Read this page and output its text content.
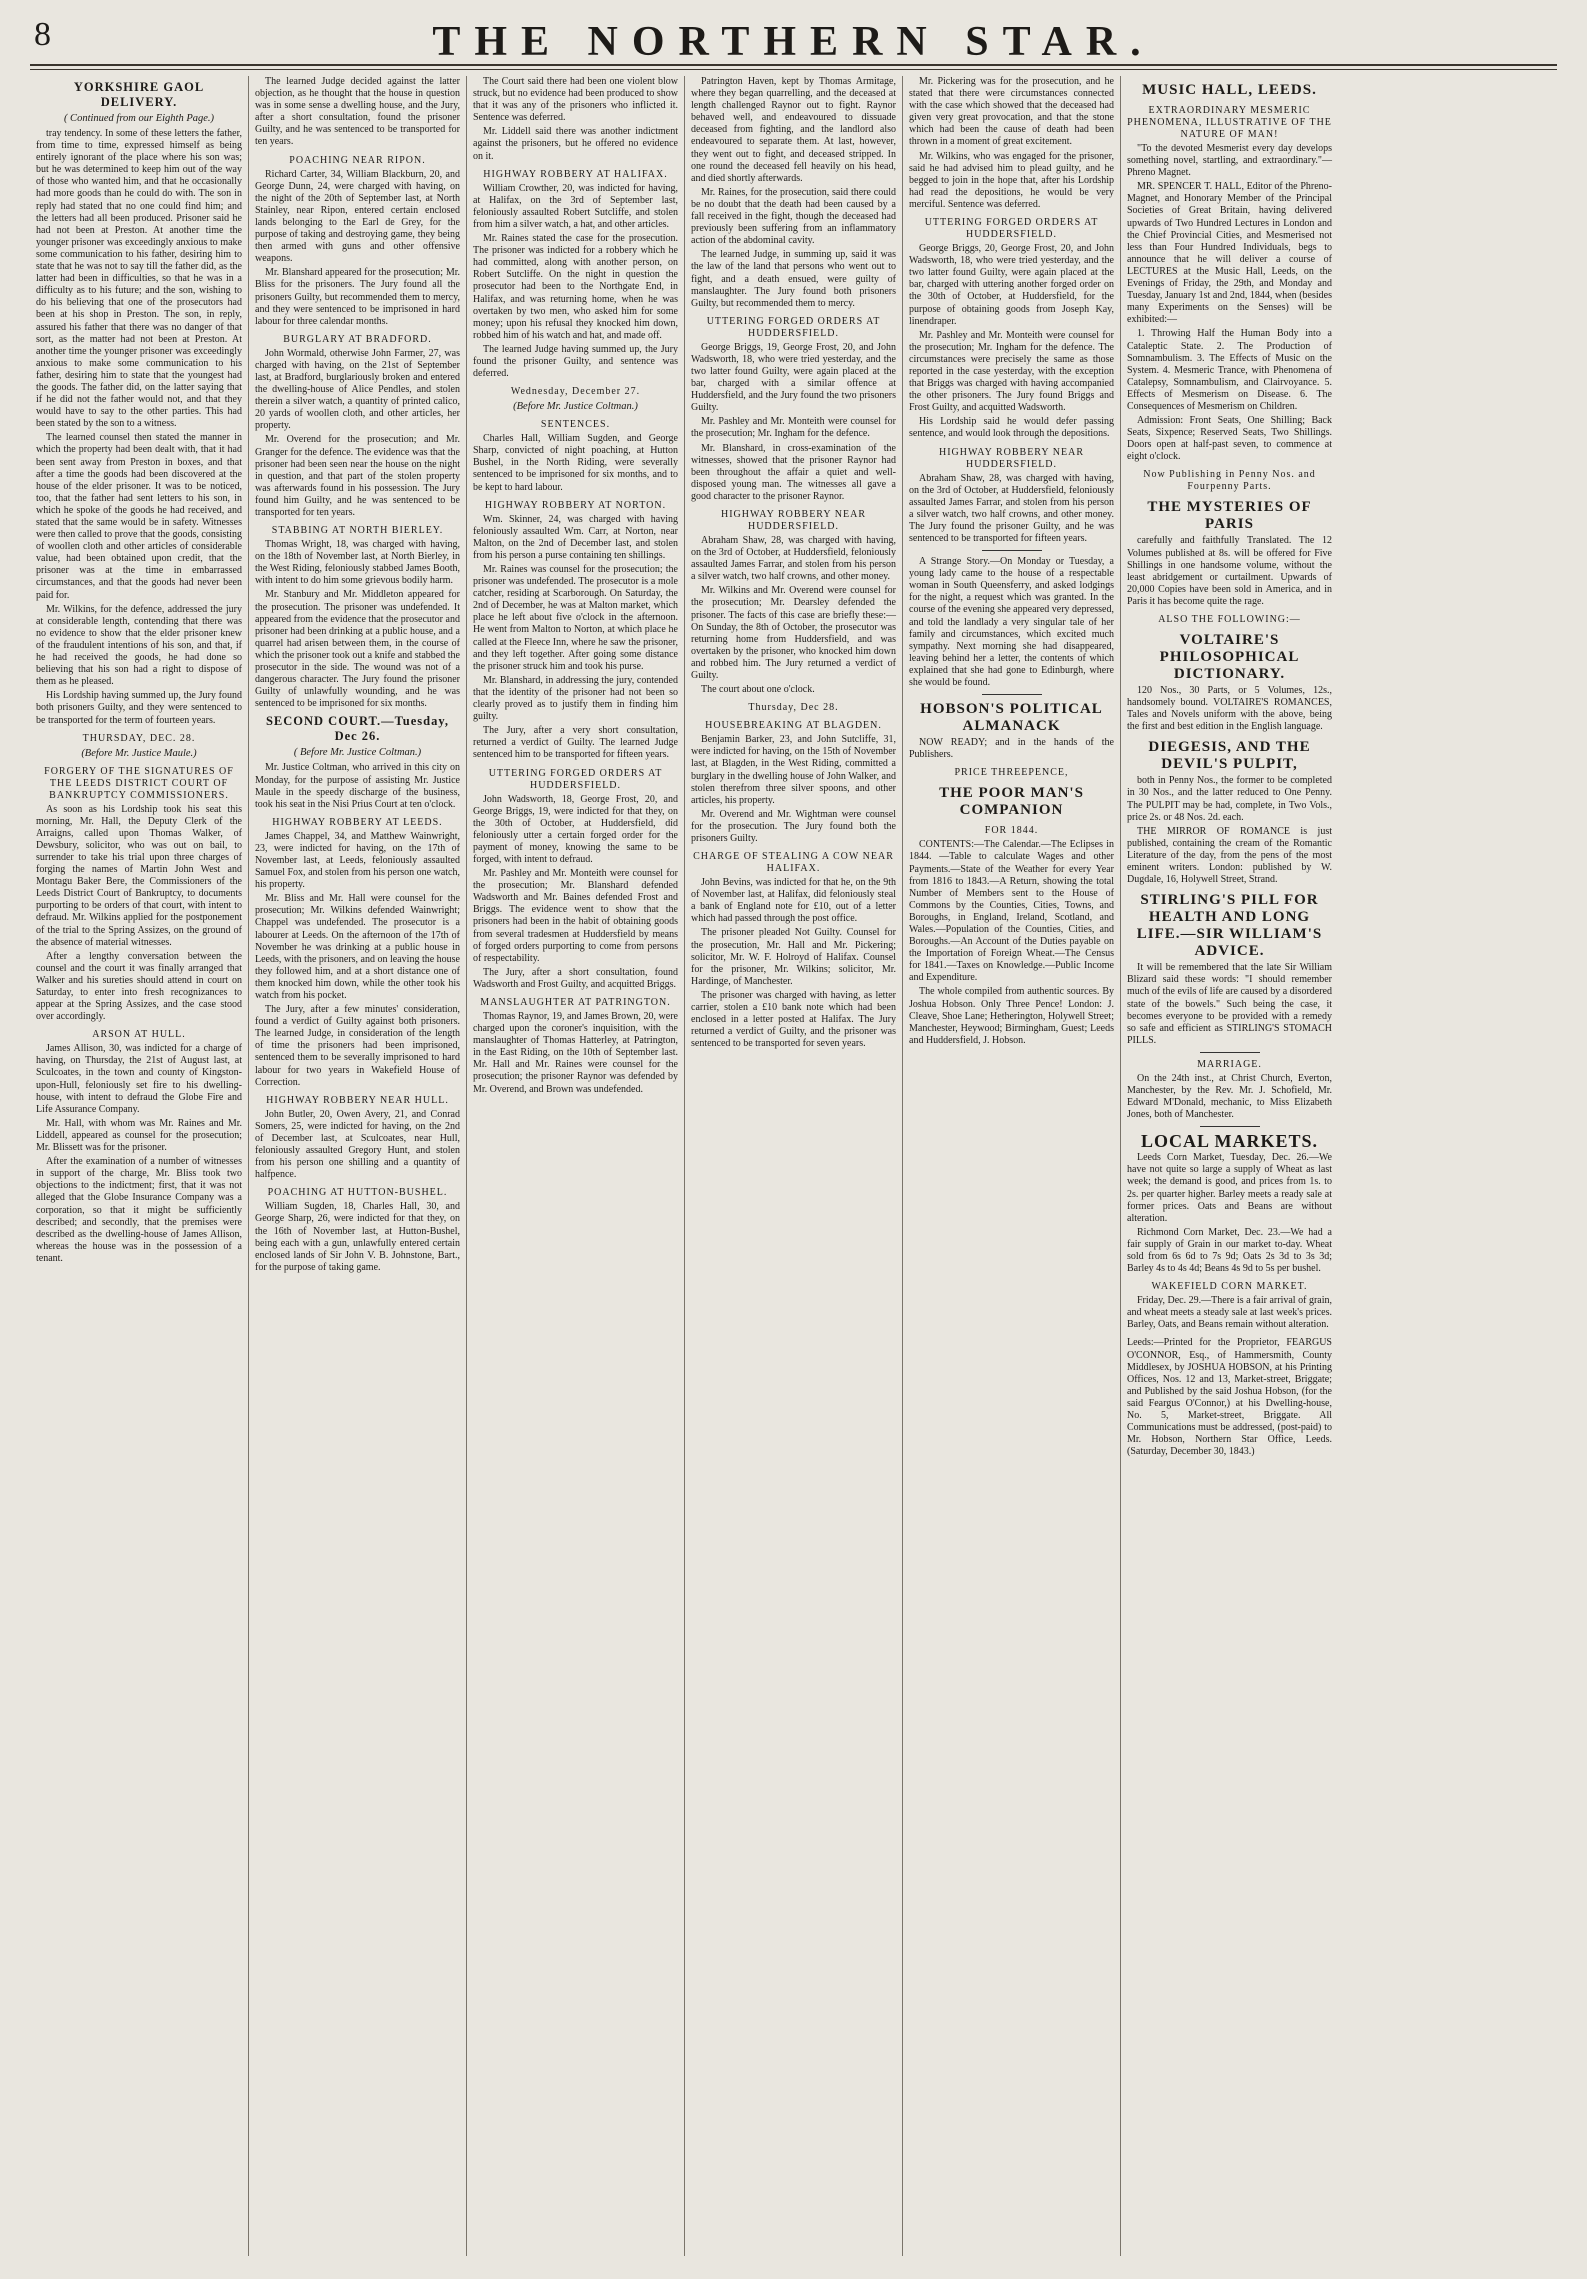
8	THE NORTHERN STAR.
YORKSHIRE GAOL DELIVERY.
( Continued from our Eighth Page.)
tray tendency. In some of these letters the father, from time to time, expressed himself as being entirely ignorant of the place where his son was; but he was determined to keep him out of the way of those who wanted him, and that he occasionally had more goods than he could do with. The son in reply had stated that no one could find him; and the letters had all been produced. Prisoner said he had not been at Preston. At another time the younger prisoner was exceedingly anxious to make some communication to his father, desiring him to state that he was not to say till the father did, as the latter had been in difficulties, so that he was in a difficulty as to his future; and the son, wishing to do his believing that one of the prosecutors had been at his shop in Preston. The son, in reply, assured his father that there was no danger of that sort, as the matter had not been at Preston. At another time the younger prisoner was exceedingly anxious to make some communication to his father, desiring him to state that the youngest had the goods. The father did, on the latter saying that if he did not the father would not, and that they would have to say to the other parties. This had been stated by the son to a witness.
The learned counsel then stated the manner in which the property had been dealt with, that it had been sent away from Preston in boxes, and that after a time the goods had been discovered at the house of the elder prisoner. It was to be noticed, too, that the father had sent letters to his son, in which he spoke of the goods he had received, and stated that the same would be in safety. Witnesses were then called to prove that the goods, consisting of woollen cloth and other articles of considerable value, had been obtained upon credit, that the prisoner was at the time in embarrassed circumstances, and that the goods had never been paid for.
Mr. Wilkins, for the defence, addressed the jury at considerable length, contending that there was no evidence to show that the elder prisoner knew of the fraudulent intentions of his son, and that, if he had received the goods, he had done so believing that his son had a right to dispose of them as he pleased.
His Lordship having summed up, the Jury found both prisoners Guilty, and they were sentenced to be transported for the term of fourteen years.
THURSDAY, DEC. 28.
(Before Mr. Justice Maule.)
FORGERY OF THE SIGNATURES OF THE LEEDS DISTRICT COURT OF BANKRUPTCY COMMISSIONERS.
As soon as his Lordship took his seat this morning, Mr. Hall, the Deputy Clerk of the Arraigns, called upon Thomas Walker, of Dewsbury, solicitor, who was out on bail, to surrender to take his trial upon three charges of forging the names of Martin John West and Montagu Baker Bere, the Commissioners of the Leeds District Court of Bankruptcy, to documents purporting to be orders of that court, with intent to defraud. Mr. Wilkins applied for the postponement of the trial to the Spring Assizes, on the ground of the absence of material witnesses.
After a lengthy conversation between the counsel and the court it was finally arranged that Walker and his sureties should attend in court on Saturday, to enter into fresh recognizances to appear at the Spring Assizes, and the case stood over accordingly.
ARSON AT HULL.
James Allison, 30, was indicted for a charge of having, on Thursday, the 21st of August last, at Sculcoates, in the town and county of Kingston-upon-Hull, feloniously set fire to his dwelling-house, with intent to defraud the Globe Fire and Life Assurance Company.
Mr. Hall, with whom was Mr. Raines and Mr. Liddell, appeared as counsel for the prosecution; Mr. Blissett was for the prisoner.
After the examination of a number of witnesses in support of the charge, Mr. Bliss took two objections to the indictment; first, that it was not alleged that the Globe Insurance Company was a corporation, so that it might be sufficiently described; and secondly, that the premises were described as the dwelling-house of James Allison, whereas the house was in the possession of a tenant.
The learned Judge decided against the latter objection, as he thought that the house in question was in some sense a dwelling house, and the Jury, after a short consultation, found the prisoner Guilty, and he was sentenced to be transported for ten years.
POACHING NEAR RIPON.
Richard Carter, 34, William Blackburn, 20, and George Dunn, 24, were charged with having, on the night of the 20th of September last, at North Stainley, near Ripon, entered certain enclosed lands belonging to the Earl de Grey, for the purpose of taking and destroying game, they being then armed with guns and other offensive weapons.
Mr. Blanshard appeared for the prosecution; Mr. Bliss for the prisoners. The Jury found all the prisoners Guilty, but recommended them to mercy, and they were sentenced to be imprisoned in hard labour for three calendar months.
BURGLARY AT BRADFORD.
John Wormald, otherwise John Farmer, 27, was charged with having, on the 21st of September last, at Bradford, burglariously broken and entered the dwelling-house of Alice Pendles, and stolen therein a silver watch, a quantity of printed calico, 20 yards of woollen cloth, and other articles, her property.
Mr. Overend for the prosecution; and Mr. Granger for the defence. The evidence was that the prisoner had been seen near the house on the night in question, and that part of the stolen property was afterwards found in his possession. The Jury found him Guilty, and he was sentenced to be transported for ten years.
STABBING AT NORTH BIERLEY.
Thomas Wright, 18, was charged with having, on the 18th of November last, at North Bierley, in the West Riding, feloniously stabbed James Booth, with intent to do him some grievous bodily harm.
Mr. Stanbury and Mr. Middleton appeared for the prosecution. The prisoner was undefended. It appeared from the evidence that the prosecutor and prisoner had been drinking at a public house, and a quarrel had arisen between them, in the course of which the prisoner took out a knife and stabbed the prosecutor in the side. The wound was not of a dangerous character. The Jury found the prisoner Guilty of unlawfully wounding, and he was sentenced to be imprisoned for six months.
SECOND COURT.—Tuesday, Dec 26.
( Before Mr. Justice Coltman.)
Mr. Justice Coltman, who arrived in this city on Monday, for the purpose of assisting Mr. Justice Maule in the speedy discharge of the business, took his seat in the Nisi Prius Court at ten o'clock.
HIGHWAY ROBBERY AT LEEDS.
James Chappel, 34, and Matthew Wainwright, 23, were indicted for having, on the 17th of November last, at Leeds, feloniously assaulted Samuel Fox, and stolen from his person one watch, his property.
Mr. Bliss and Mr. Hall were counsel for the prosecution; Mr. Wilkins defended Wainwright; Chappel was undefended. The prosecutor is a labourer at Leeds. On the afternoon of the 17th of November he was drinking at a public house in Leeds, with the prisoners, and on leaving the house they followed him, and at a short distance one of them knocked him down, while the other took his watch from his pocket.
The Jury, after a few minutes' consideration, found a verdict of Guilty against both prisoners. The learned Judge, in consideration of the length of time the prisoners had been imprisoned, sentenced them to be severally imprisoned to hard labour for two years in Wakefield House of Correction.
HIGHWAY ROBBERY NEAR HULL.
John Butler, 20, Owen Avery, 21, and Conrad Somers, 25, were indicted for having, on the 2nd of December last, at Sculcoates, near Hull, feloniously assaulted Gregory Hunt, and stolen from his person one shilling and a quantity of halfpence.
POACHING AT HUTTON-BUSHEL.
William Sugden, 18, Charles Hall, 30, and George Sharp, 26, were indicted for that they, on the 16th of November last, at Hutton-Bushel, being each with a gun, unlawfully entered certain enclosed lands of Sir John V. B. Johnstone, Bart., for the purpose of taking game.
The Court said there had been one violent blow struck, but no evidence had been produced to show that it was any of the prisoners who inflicted it. Sentence was deferred.
Mr. Liddell said there was another indictment against the prisoners, but he offered no evidence on it.
HIGHWAY ROBBERY AT HALIFAX.
William Crowther, 20, was indicted for having, at Halifax, on the 3rd of September last, feloniously assaulted Robert Sutcliffe, and stolen from him a silver watch, a hat, and other articles.
Mr. Raines stated the case for the prosecution. The prisoner was indicted for a robbery which he had committed, along with another person, on Robert Sutcliffe. On the night in question the prosecutor had been to the Northgate End, in Halifax, and was returning home, when he was overtaken by two men, who asked him for some money; upon his refusal they knocked him down, robbed him of his watch and hat, and made off.
The learned Judge having summed up, the Jury found the prisoner Guilty, and sentence was deferred.
Wednesday, December 27.
(Before Mr. Justice Coltman.)
SENTENCES.
Charles Hall, William Sugden, and George Sharp, convicted of night poaching, at Hutton Bushel, in the North Riding, were severally sentenced to be imprisoned for six months, and to be kept to hard labour.
HIGHWAY ROBBERY AT NORTON.
Wm. Skinner, 24, was charged with having feloniously assaulted Wm. Carr, at Norton, near Malton, on the 2nd of December last, and stolen from his person a purse containing ten shillings.
Mr. Raines was counsel for the prosecution; the prisoner was undefended. The prosecutor is a mole catcher, residing at Scarborough. On Saturday, the 2nd of December, he was at Malton market, which place he left about five o'clock in the afternoon. He went from Malton to Norton, at which place he called at the Fleece Inn, where he saw the prisoner, and they left together. After going some distance the prisoner struck him and took his purse.
Mr. Blanshard, in addressing the jury, contended that the identity of the prisoner had not been so clearly proved as to justify them in finding him guilty.
The Jury, after a very short consultation, returned a verdict of Guilty. The learned Judge sentenced him to be transported for fifteen years.
UTTERING FORGED ORDERS AT HUDDERSFIELD.
John Wadsworth, 18, George Frost, 20, and George Briggs, 19, were indicted for that they, on the 30th of October, at Huddersfield, did feloniously utter a certain forged order for the payment of money, knowing the same to be forged, with intent to defraud.
Mr. Pashley and Mr. Monteith were counsel for the prosecution; Mr. Blanshard defended Wadsworth and Mr. Baines defended Frost and Briggs. The evidence went to show that the prisoners had been in the habit of obtaining goods from several tradesmen at Huddersfield by means of forged orders purporting to come from persons of respectability.
The Jury, after a short consultation, found Wadsworth and Frost Guilty, and acquitted Briggs.
MANSLAUGHTER AT PATRINGTON.
Thomas Raynor, 19, and James Brown, 20, were charged upon the coroner's inquisition, with the manslaughter of Thomas Hatterley, at Patrington, in the East Riding, on the 10th of September last. Mr. Hall and Mr. Raines were counsel for the prosecution; the prisoner Raynor was defended by Mr. Overend, and Brown was undefended.
Patrington Haven, kept by Thomas Armitage, where they began quarrelling, and the deceased at length challenged Raynor out to fight. Raynor behaved well, and endeavoured to dissuade deceased from fighting, and the landlord also endeavoured to separate them. At last, however, they went out to fight, and deceased stripped. In one round the deceased fell heavily on his head, and died shortly afterwards.
Mr. Raines, for the prosecution, said there could be no doubt that the death had been caused by a fall received in the fight, though the deceased had previously been suffering from an inflammatory action of the abdominal cavity.
The learned Judge, in summing up, said it was the law of the land that persons who went out to fight, and a death ensued, were guilty of manslaughter. The Jury found both prisoners Guilty, but recommended them to mercy.
UTTERING FORGED ORDERS AT HUDDERSFIELD.
George Briggs, 19, George Frost, 20, and John Wadsworth, 18, who were tried yesterday, and the two latter found Guilty, were again placed at the bar, charged with a similar offence at Huddersfield, and the Jury found the two prisoners Guilty.
Mr. Pashley and Mr. Monteith were counsel for the prosecution; Mr. Ingham for the defence.
Mr. Blanshard, in cross-examination of the witnesses, showed that the prisoner Raynor had been throughout the affair a quiet and well-disposed young man. The witnesses all gave a good character to the prisoner Raynor.
HIGHWAY ROBBERY NEAR HUDDERSFIELD.
Abraham Shaw, 28, was charged with having, on the 3rd of October, at Huddersfield, feloniously assaulted James Farrar, and stolen from his person a silver watch, two half crowns, and other money.
Mr. Wilkins and Mr. Overend were counsel for the prosecution; Mr. Dearsley defended the prisoner. The facts of this case are briefly these:—On Sunday, the 8th of October, the prosecutor was returning home from Huddersfield, and was overtaken by the prisoner, who knocked him down and robbed him. The Jury returned a verdict of Guilty.
The court about one o'clock.
Thursday, Dec 28.
HOUSEBREAKING AT BLAGDEN.
Benjamin Barker, 23, and John Sutcliffe, 31, were indicted for having, on the 15th of November last, at Blagden, in the West Riding, committed a burglary in the dwelling house of John Walker, and stolen therefrom three silver spoons, and other articles, his property.
Mr. Overend and Mr. Wightman were counsel for the prosecution. The Jury found both the prisoners Guilty.
CHARGE OF STEALING A COW NEAR HALIFAX.
John Bevins, was indicted for that he, on the 9th of November last, at Halifax, did feloniously steal a bank of England note for £10, out of a letter which had passed through the post office.
The prisoner pleaded Not Guilty. Counsel for the prosecution, Mr. Hall and Mr. Pickering; solicitor, Mr. W. F. Holroyd of Halifax. Counsel for the prisoner, Mr. Wilkins; solicitor, Mr. Hardinge, of Manchester.
The prisoner was charged with having, as letter carrier, stolen a £10 bank note which had been enclosed in a letter posted at Halifax. The Jury returned a verdict of Guilty, and the prisoner was sentenced to be transported for seven years.
Mr. Pickering was for the prosecution, and he stated that there were circumstances connected with the case which showed that the deceased had given very great provocation, and that the stone which had been the cause of death had been thrown in a moment of great excitement.
Mr. Wilkins, who was engaged for the prisoner, said he had advised him to plead guilty, and he begged to join in the hope that, after his Lordship had read the depositions, he would be very merciful. Sentence was deferred.
UTTERING FORGED ORDERS AT HUDDERSFIELD.
George Briggs, 20, George Frost, 20, and John Wadsworth, 18, who were tried yesterday, and the two latter found Guilty, were again placed at the bar, charged with uttering another forged order on the 30th of October, at Huddersfield, for the purpose of obtaining goods from Joseph Kay, linendraper.
Mr. Pashley and Mr. Monteith were counsel for the prosecution; Mr. Ingham for the defence. The circumstances were precisely the same as those reported in the case yesterday, with the exception that Briggs was charged with having accompanied the other prisoners. The Jury found Briggs and Frost Guilty, and acquitted Wadsworth.
His Lordship said he would defer passing sentence, and would look through the depositions.
HIGHWAY ROBBERY NEAR HUDDERSFIELD.
Abraham Shaw, 28, was charged with having, on the 3rd of October, at Huddersfield, feloniously assaulted James Farrar, and stolen from his person a silver watch, two half crowns, and other money. The Jury found the prisoner Guilty, and he was sentenced to be transported for fifteen years.
A Strange Story.—On Monday or Tuesday, a young lady came to the house of a respectable woman in South Queensferry, and asked lodgings for the night, a request which was granted. In the course of the evening she appeared very depressed, and told the landlady a very singular tale of her family and circumstances, which excited much sympathy. Next morning she had disappeared, leaving behind her a letter, the contents of which explained that she had gone to Edinburgh, where she would be found.
HOBSON'S POLITICAL ALMANACK
NOW READY; and in the hands of the Publishers.
PRICE THREEPENCE,
THE POOR MAN'S COMPANION
FOR 1844.
CONTENTS:—The Calendar.—The Eclipses in 1844. —Table to calculate Wages and other Payments.—State of the Weather for every Year from 1816 to 1843.—A Return, showing the total Number of Members sent to the House of Commons by the Counties, Cities, Towns, and Boroughs, in England, Ireland, Scotland, and Wales.—Population of the Counties, Cities, and Boroughs.—An Account of the Duties payable on the Importation of Foreign Wheat.—The Census for 1841.—Taxes on Knowledge.—Public Income and Expenditure.
The whole compiled from authentic sources. By Joshua Hobson. Only Three Pence! London: J. Cleave, Shoe Lane; Hetherington, Holywell Street; Manchester, Heywood; Birmingham, Guest; Leeds and Huddersfield, J. Hobson.
MUSIC HALL, LEEDS.
EXTRAORDINARY MESMERIC PHENOMENA, ILLUSTRATIVE OF THE NATURE OF MAN!
"To the devoted Mesmerist every day develops something novel, startling, and extraordinary."—Phreno Magnet.
MR. SPENCER T. HALL, Editor of the Phreno-Magnet, and Honorary Member of the Principal Societies of Great Britain, having delivered upwards of Two Hundred Lectures in London and the Chief Provincial Cities, and Mesmerised not less than Four Hundred Individuals, begs to announce that he will deliver a course of LECTURES at the Music Hall, Leeds, on the Evenings of Friday, the 29th, and Monday and Tuesday, January 1st and 2nd, 1844, when (besides many Experiments on the Senses) will be exhibited:—
1. Throwing Half the Human Body into a Cataleptic State. 2. The Production of Somnambulism. 3. The Effects of Music on the System. 4. Mesmeric Trance, with Phenomena of Catalepsy, Somnambulism, and Clairvoyance. 5. Effects of Mesmerism on Disease. 6. The Consequences of Mesmerism on Children.
Admission: Front Seats, One Shilling; Back Seats, Sixpence; Reserved Seats, Two Shillings. Doors open at half-past seven, to commence at eight o'clock.
Now Publishing in Penny Nos. and Fourpenny Parts.
THE MYSTERIES OF PARIS
carefully and faithfully Translated. The 12 Volumes published at 8s. will be offered for Five Shillings in one handsome volume, without the least abridgement or curtailment. Upwards of 20,000 Copies have been sold in America, and in Paris it has become quite the rage.
ALSO THE FOLLOWING:—
VOLTAIRE'S PHILOSOPHICAL DICTIONARY.
120 Nos., 30 Parts, or 5 Volumes, 12s., handsomely bound. VOLTAIRE'S ROMANCES, Tales and Novels uniform with the above, being the first and best edition in the English language.
DIEGESIS, AND THE DEVIL'S PULPIT,
both in Penny Nos., the former to be completed in 30 Nos., and the latter reduced to One Penny. The PULPIT may be had, complete, in Two Vols., price 2s. or 48 Nos. 2d. each.
THE MIRROR OF ROMANCE is just published, containing the cream of the Romantic Literature of the day, from the pens of the most eminent writers. London: published by W. Dugdale, 16, Holywell Street, Strand.
STIRLING'S PILL FOR HEALTH AND LONG LIFE.—SIR WILLIAM'S ADVICE.
It will be remembered that the late Sir William Blizard said these words: "I should remember much of the evils of life are caused by a disordered state of the bowels." Such being the case, it becomes everyone to be provided with a remedy so safe and efficient as STIRLING'S STOMACH PILLS.
MARRIAGE.
On the 24th inst., at Christ Church, Everton, Manchester, by the Rev. Mr. J. Schofield, Mr. Edward M'Donald, mechanic, to Miss Elizabeth Jones, both of Manchester.
LOCAL MARKETS.
Leeds Corn Market, Tuesday, Dec. 26.—We have not quite so large a supply of Wheat as last week; the demand is good, and prices from 1s. to 2s. per quarter higher. Barley meets a ready sale at former prices. Oats and Beans are without alteration.
Richmond Corn Market, Dec. 23.—We had a fair supply of Grain in our market to-day. Wheat sold from 6s 6d to 7s 9d; Oats 2s 3d to 3s 3d; Barley 4s to 4s 4d; Beans 4s 9d to 5s per bushel.
WAKEFIELD CORN MARKET.
Friday, Dec. 29.—There is a fair arrival of grain, and wheat meets a steady sale at last week's prices. Barley, Oats, and Beans remain without alteration.
Leeds:—Printed for the Proprietor, FEARGUS O'CONNOR, Esq., of Hammersmith, County Middlesex, by JOSHUA HOBSON, at his Printing Offices, Nos. 12 and 13, Market-street, Briggate; and Published by the said Joshua Hobson, (for the said Feargus O'Connor,) at his Dwelling-house, No. 5, Market-street, Briggate. All Communications must be addressed, (post-paid) to Mr. Hobson, Northern Star Office, Leeds. (Saturday, December 30, 1843.)
